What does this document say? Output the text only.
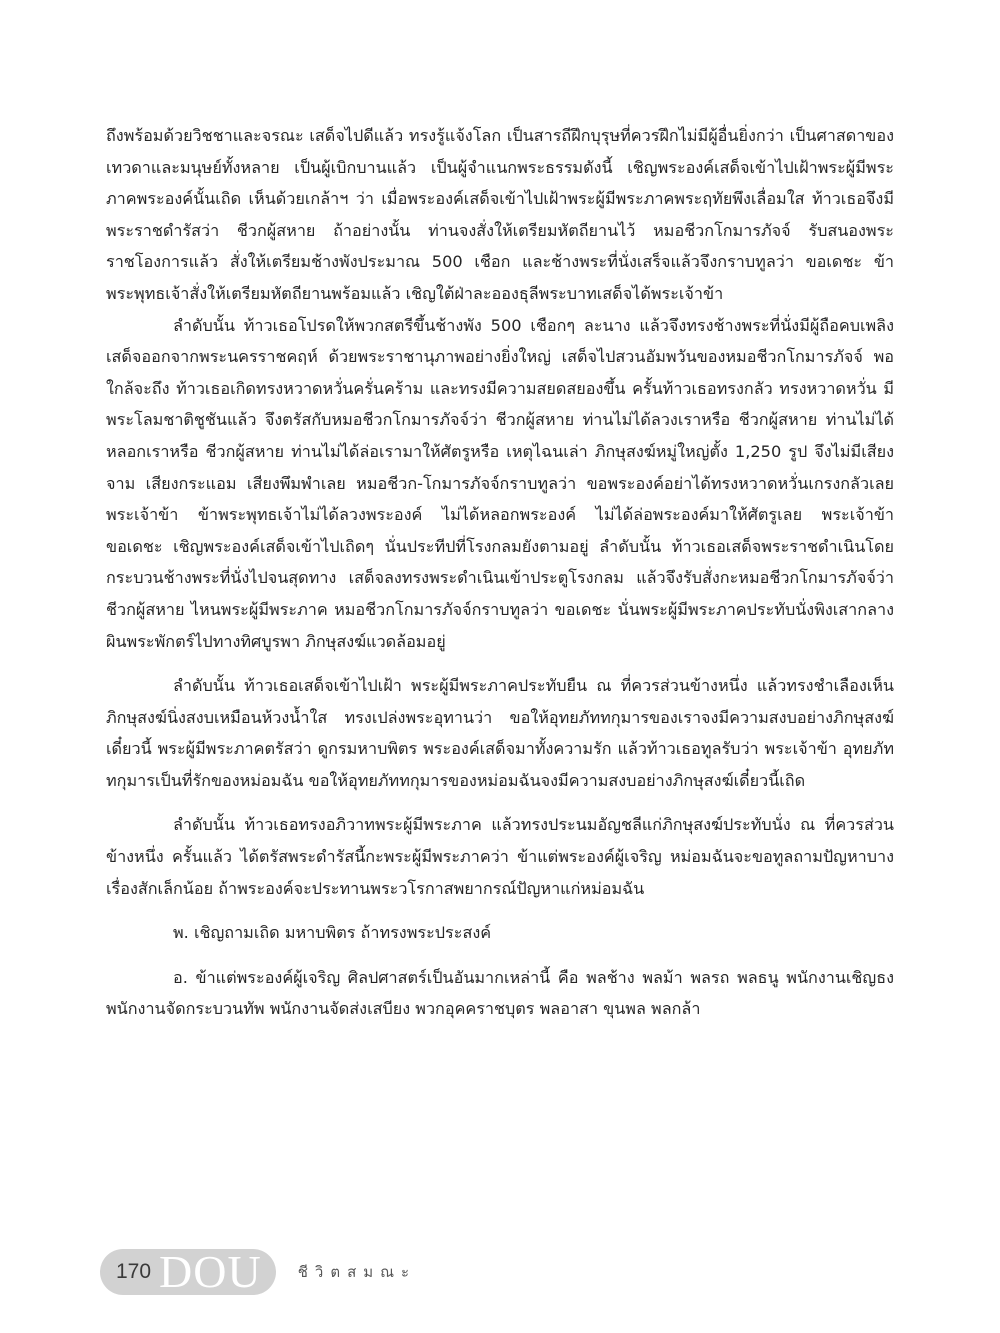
ถึงพร้อมด้วยวิชชาและจรณะ เสด็จไปดีแล้ว ทรงรู้แจ้งโลก เป็นสารถีฝึกบุรุษที่ควรฝึกไม่มีผู้อื่นยิ่งกว่า เป็นศาสดาของเทวดาและมนุษย์ทั้งหลาย เป็นผู้เบิกบานแล้ว เป็นผู้จำแนกพระธรรมดังนี้ เชิญพระองค์เสด็จเข้าไปเฝ้าพระผู้มีพระภาคพระองค์นั้นเถิด เห็นด้วยเกล้าฯ ว่า เมื่อพระองค์เสด็จเข้าไปเฝ้าพระผู้มีพระภาคพระฤทัยพึงเลื่อมใส ท้าวเธอจึงมีพระราชดำรัสว่า ชีวกผู้สหาย ถ้าอย่างนั้น ท่านจงสั่งให้เตรียมหัตถียานไว้ หมอชีวกโกมารภัจจ์ รับสนองพระราชโองการแล้ว สั่งให้เตรียมช้างพังประมาณ 500 เชือก และช้างพระที่นั่งเสร็จแล้วจึงกราบทูลว่า ขอเดชะ ข้าพระพุทธเจ้าสั่งให้เตรียมหัตถียานพร้อมแล้ว เชิญใต้ฝ่าละอองธุลีพระบาทเสด็จได้พระเจ้าข้า

ลำดับนั้น ท้าวเธอโปรดให้พวกสตรีขึ้นช้างพัง 500 เชือกๆ ละนาง แล้วจึงทรงช้างพระที่นั่งมีผู้ถือคบเพลิง เสด็จออกจากพระนครราชคฤห์ ด้วยพระราชานุภาพอย่างยิ่งใหญ่ เสด็จไปสวนอัมพวันของหมอชีวกโกมารภัจจ์ พอใกล้จะถึง ท้าวเธอเกิดทรงหวาดหวั่นครั่นคร้าม และทรงมีความสยดสยองขึ้น ครั้นท้าวเธอทรงกลัว ทรงหวาดหวั่น มีพระโลมชาติชูชันแล้ว จึงตรัสกับหมอชีวกโกมารภัจจ์ว่า ชีวกผู้สหาย ท่านไม่ได้ลวงเราหรือ ชีวกผู้สหาย ท่านไม่ได้หลอกเราหรือ ชีวกผู้สหาย ท่านไม่ได้ล่อเรามาให้ศัตรูหรือ เหตุไฉนเล่า ภิกษุสงฆ์หมู่ใหญ่ตั้ง 1,250 รูป จึงไม่มีเสียงจาม เสียงกระแอม เสียงพึมพำเลย หมอชีวก-โกมารภัจจ์กราบทูลว่า ขอพระองค์อย่าได้ทรงหวาดหวั่นเกรงกลัวเลยพระเจ้าข้า ข้าพระพุทธเจ้าไม่ได้ลวงพระองค์ ไม่ได้หลอกพระองค์ ไม่ได้ล่อพระองค์มาให้ศัตรูเลย พระเจ้าข้า ขอเดชะ เชิญพระองค์เสด็จเข้าไปเถิดๆ นั่นประทีปที่โรงกลมยังตามอยู่ ลำดับนั้น ท้าวเธอเสด็จพระราชดำเนินโดยกระบวนช้างพระที่นั่งไปจนสุดทาง เสด็จลงทรงพระดำเนินเข้าประตูโรงกลม แล้วจึงรับสั่งกะหมอชีวกโกมารภัจจ์ว่า ชีวกผู้สหาย ไหนพระผู้มีพระภาค หมอชีวกโกมารภัจจ์กราบทูลว่า ขอเดชะ นั่นพระผู้มีพระภาคประทับนั่งพิงเสากลาง ผินพระพักตร์ไปทางทิศบูรพา ภิกษุสงฆ์แวดล้อมอยู่

ลำดับนั้น ท้าวเธอเสด็จเข้าไปเฝ้า พระผู้มีพระภาคประทับยืน ณ ที่ควรส่วนข้างหนึ่ง แล้วทรงชำเลืองเห็นภิกษุสงฆ์นิ่งสงบเหมือนห้วงน้ำใส ทรงเปล่งพระอุทานว่า ขอให้อุทยภัททกุมารของเราจงมีความสงบอย่างภิกษุสงฆ์เดี๋ยวนี้ พระผู้มีพระภาคตรัสว่า ดูกรมหาบพิตร พระองค์เสด็จมาทั้งความรัก แล้วท้าวเธอทูลรับว่า พระเจ้าข้า อุทยภัททกุมารเป็นที่รักของหม่อมฉัน ขอให้อุทยภัททกุมารของหม่อมฉันจงมีความสงบอย่างภิกษุสงฆ์เดี๋ยวนี้เถิด

ลำดับนั้น ท้าวเธอทรงอภิวาทพระผู้มีพระภาค แล้วทรงประนมอัญชลีแก่ภิกษุสงฆ์ประทับนั่ง ณ ที่ควรส่วนข้างหนึ่ง ครั้นแล้ว ได้ตรัสพระดำรัสนี้กะพระผู้มีพระภาคว่า ข้าแต่พระองค์ผู้เจริญ หม่อมฉันจะขอทูลถามปัญหาบางเรื่องสักเล็กน้อย ถ้าพระองค์จะประทานพระวโรกาสพยากรณ์ปัญหาแก่หม่อมฉัน

พ. เชิญถามเถิด มหาบพิตร ถ้าทรงพระประสงค์

อ. ข้าแต่พระองค์ผู้เจริญ ศิลปศาสตร์เป็นอันมากเหล่านี้ คือ พลช้าง พลม้า พลรถ พลธนู พนักงานเชิญธง พนักงานจัดกระบวนทัพ พนักงานจัดส่งเสบียง พวกอุคคราชบุตร พลอาสา ขุนพล พลกล้า

170 DOU ชีวิตสมณะ
